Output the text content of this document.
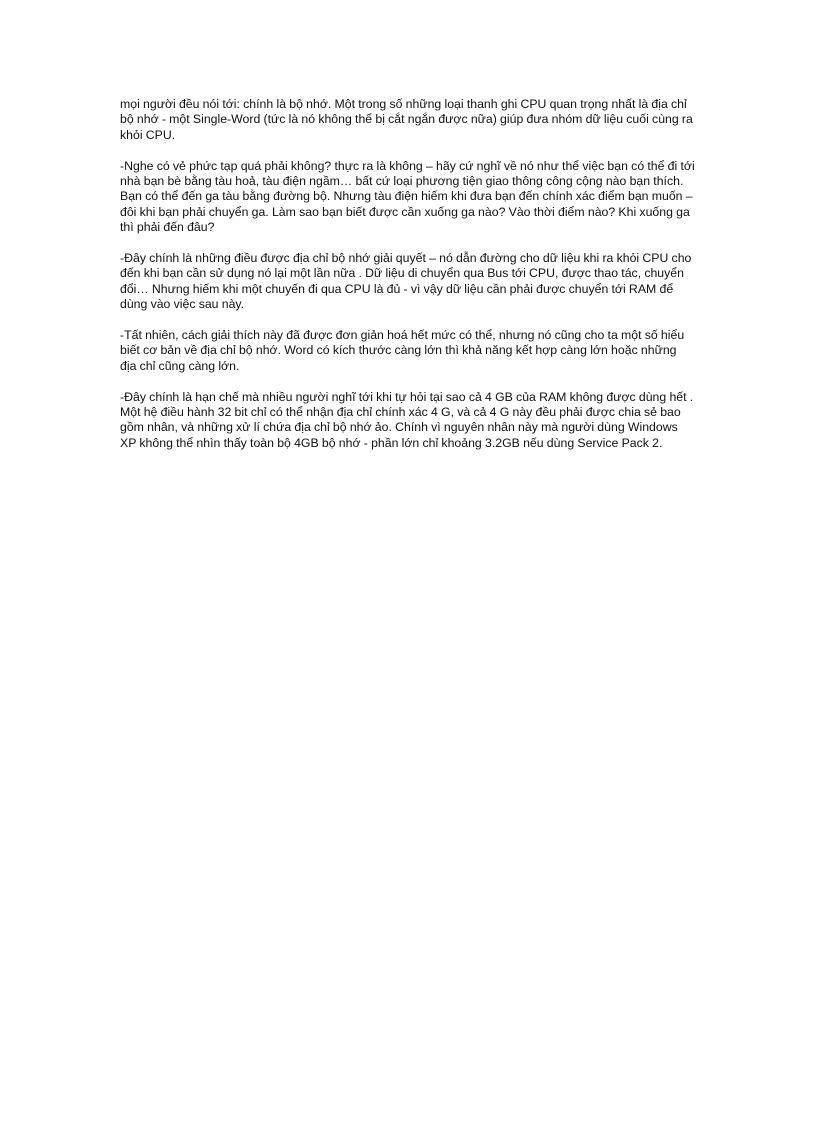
mọi người đều nói tới: chính là bộ nhớ. Một trong số những loại thanh ghi CPU quan trọng nhất là địa chỉ bộ nhớ - một Single-Word (tức là nó không thể bị cắt ngắn được nữa) giúp đưa nhóm dữ liệu cuối cùng ra khỏi CPU.

-Nghe có vẻ phức tạp quá phải không? thực ra là không – hãy cứ nghĩ về nó như thể việc bạn có thể đi tới nhà bạn bè bằng tàu hoả, tàu điện ngầm… bất cứ loại phương tiện giao thông công cộng nào bạn thích. Bạn có thể đến ga tàu bằng đường bộ. Nhưng tàu điện hiếm khi đưa bạn đến chính xác điểm bạn muốn – đôi khi bạn phải chuyển ga. Làm sao bạn biết được cần xuống ga nào? Vào thời điểm nào? Khi xuống ga thì phải đến đâu?

-Đây chính là những điều được địa chỉ bộ nhớ giải quyết – nó dẫn đường cho dữ liệu khi ra khỏi CPU cho đến khi bạn cần sử dụng nó lại một lần nữa . Dữ liệu di chuyển qua Bus tới CPU, được thao tác, chuyển đổi… Nhưng hiếm khi một chuyến đi qua CPU là đủ - vì vậy dữ liệu cần phải được chuyển tới RAM để dùng vào việc sau này.

-Tất nhiên, cách giải thích này đã được đơn giản hoá hết mức có thể, nhưng nó cũng cho ta một số hiểu biết cơ bản về địa chỉ bộ nhớ. Word có kích thước càng lớn thì khả năng kết hợp càng lớn hoặc những địa chỉ cũng càng lớn.

-Đây chính là hạn chế mà nhiều người nghĩ tới khi tự hỏi tại sao cả 4 GB của RAM không được dùng hết . Một hệ điều hành 32 bit chỉ có thể nhận địa chỉ chính xác 4 G, và cả 4 G này đều phải được chia sẻ bao gồm nhân, và những xử lí chứa địa chỉ bộ nhớ ảo. Chính vì nguyên nhân này mà người dùng Windows XP không thể nhìn thấy toàn bộ 4GB bộ nhớ - phần lớn chỉ khoảng 3.2GB nếu dùng Service Pack 2.
